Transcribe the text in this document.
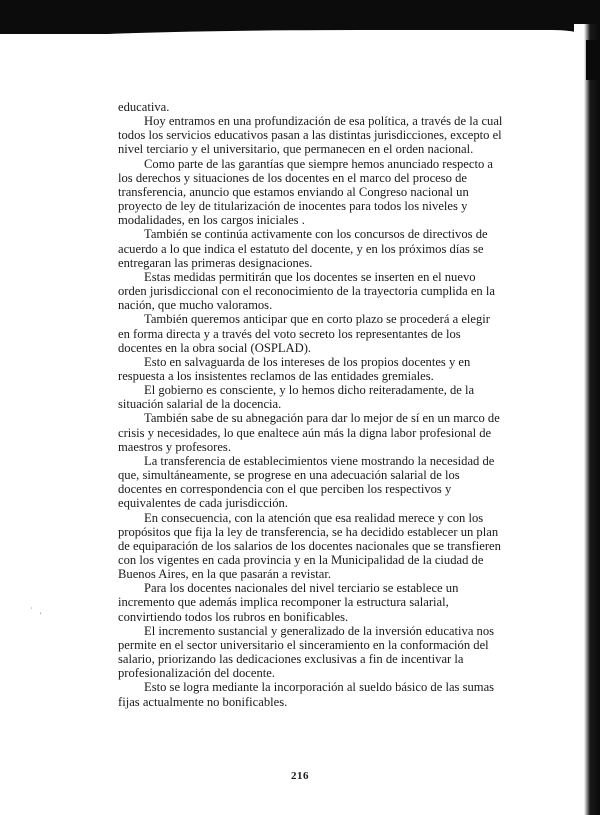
·
'

educativa.

Hoy entramos en una profundización de esa política, a través de la cual todos los servicios educativos pasan a las distintas jurisdicciones, excepto el nivel terciario y el universitario, que permanecen en el orden nacional.

Como parte de las garantías que siempre hemos anunciado respecto a los derechos y situaciones de los docentes en el marco del proceso de transferencia, anuncio que estamos enviando al Congreso nacional un proyecto de ley de titularización de inocentes para todos los niveles y modalidades, en los cargos iniciales .

También se continúa activamente con los concursos de directivos de acuerdo a lo que indica el estatuto del docente, y en los próximos días se entregaran las primeras designaciones.

Estas medidas permitirán que los docentes se inserten en el nuevo orden jurisdiccional con el reconocimiento de la trayectoria cumplida en la nación, que mucho valoramos.

También queremos anticipar que en corto plazo se procederá a elegir en forma directa y a través del voto secreto los representantes de los docentes en la obra social (OSPLAD).

Esto en salvaguarda de los intereses de los propios docentes y en respuesta a los insistentes reclamos de las entidades gremiales.

El gobierno es consciente, y lo hemos dicho reiteradamente, de la situación salarial de la docencia.

También sabe de su abnegación para dar lo mejor de sí en un marco de crisis y necesidades, lo que enaltece aún más la digna labor profesional de maestros y profesores.

La transferencia de establecimientos viene mostrando la necesidad de que, simultáneamente, se progrese en una adecuación salarial de los docentes en correspondencia con el que perciben los respectivos y equivalentes de cada jurisdicción.

En consecuencia, con la atención que esa realidad merece y con los propósitos que fija la ley de transferencia, se ha decidido establecer un plan de equiparación de los salarios de los docentes nacionales que se transfieren con los vigentes en cada provincia y en la Municipalidad de la ciudad de Buenos Aires, en la que pasarán a revistar.

Para los docentes nacionales del nivel terciario se establece un incremento que además implica recomponer la estructura salarial, convirtiendo todos los rubros en bonificables.

El incremento sustancial y generalizado de la inversión educativa nos permite en el sector universitario el sinceramiento en la conformación del salario, priorizando las dedicaciones exclusivas a fin de incentivar la profesionalización del docente.

Esto se logra mediante la incorporación al sueldo básico de las sumas fijas actualmente no bonificables.

216
